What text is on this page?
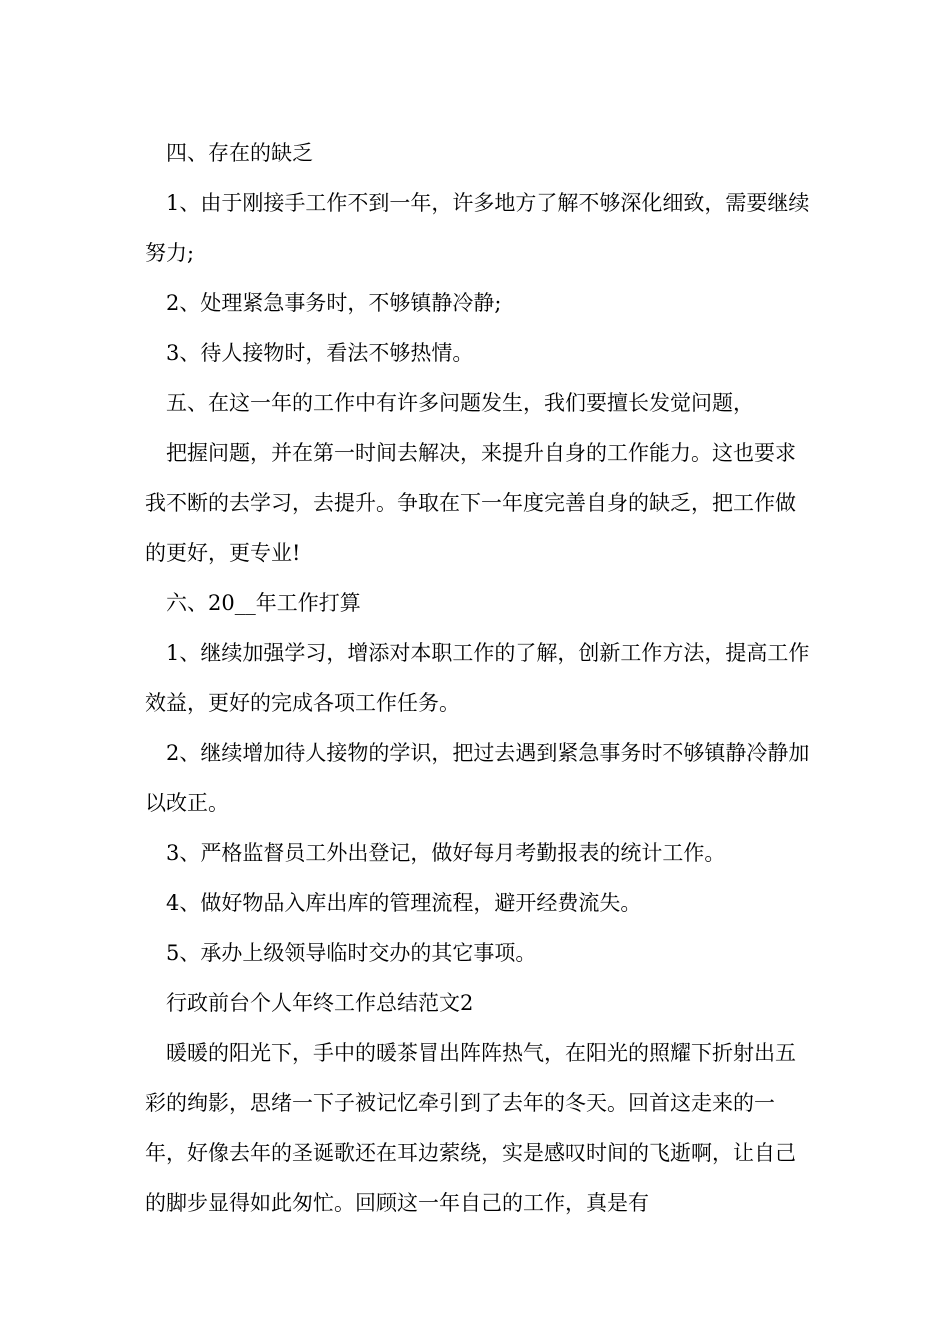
四、存在的缺乏

1、由于刚接手工作不到一年，许多地方了解不够深化细致，需要继续努力;

2、处理紧急事务时，不够镇静冷静;

3、待人接物时，看法不够热情。

五、在这一年的工作中有许多问题发生，我们要擅长发觉问题，

把握问题，并在第一时间去解决，来提升自身的工作能力。这也要求我不断的去学习，去提升。争取在下一年度完善自身的缺乏，把工作做的更好，更专业!

六、20__年工作打算

1、继续加强学习，增添对本职工作的了解，创新工作方法，提高工作效益，更好的完成各项工作任务。

2、继续增加待人接物的学识，把过去遇到紧急事务时不够镇静冷静加以改正。

3、严格监督员工外出登记，做好每月考勤报表的统计工作。

4、做好物品入库出库的管理流程，避开经费流失。

5、承办上级领导临时交办的其它事项。

行政前台个人年终工作总结范文2

暖暖的阳光下，手中的暖茶冒出阵阵热气，在阳光的照耀下折射出五彩的绚影，思绪一下子被记忆牵引到了去年的冬天。回首这走来的一年，好像去年的圣诞歌还在耳边萦绕，实是感叹时间的飞逝啊，让自己的脚步显得如此匆忙。回顾这一年自己的工作，真是有
